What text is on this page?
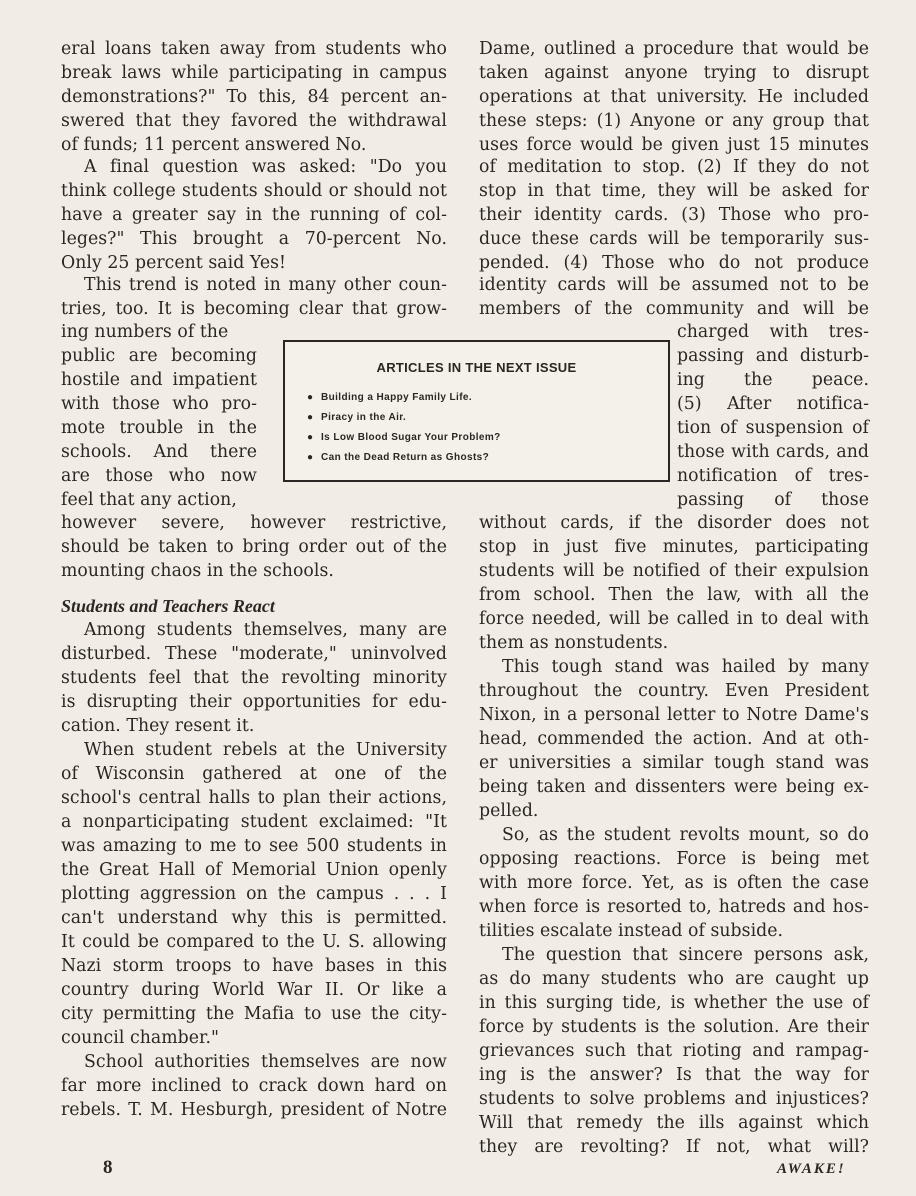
eral loans taken away from students who
break laws while participating in campus
demonstrations?" To this, 84 percent an-
swered that they favored the withdrawal
of funds; 11 percent answered No.
A final question was asked: "Do you
think college students should or should not
have a greater say in the running of col-
leges?" This brought a 70-percent No.
Only 25 percent said Yes!
This trend is noted in many other coun-
tries, too. It is becoming clear that grow-
ing numbers of the
public are becoming
hostile and impatient
with those who pro-
mote trouble in the
schools. And there
are those who now
feel that any action,
however severe, however restrictive,
should be taken to bring order out of the
mounting chaos in the schools.
Students and Teachers React
Among students themselves, many are
disturbed. These "moderate," uninvolved
students feel that the revolting minority
is disrupting their opportunities for edu-
cation. They resent it.
When student rebels at the University
of Wisconsin gathered at one of the
school's central halls to plan their actions,
a nonparticipating student exclaimed: "It
was amazing to me to see 500 students in
the Great Hall of Memorial Union openly
plotting aggression on the campus . . . I
can't understand why this is permitted.
It could be compared to the U. S. allowing
Nazi storm troops to have bases in this
country during World War II. Or like a
city permitting the Mafia to use the city-
council chamber."
School authorities themselves are now
far more inclined to crack down hard on
rebels. T. M. Hesburgh, president of Notre
Dame, outlined a procedure that would be
taken against anyone trying to disrupt
operations at that university. He included
these steps: (1) Anyone or any group that
uses force would be given just 15 minutes
of meditation to stop. (2) If they do not
stop in that time, they will be asked for
their identity cards. (3) Those who pro-
duce these cards will be temporarily sus-
pended. (4) Those who do not produce
identity cards will be assumed not to be
members of the community and will be
charged with tres-
passing and disturb-
ing the peace.
(5) After notifica-
tion of suspension of
those with cards, and
notification of tres-
passing of those
without cards, if the disorder does not
stop in just five minutes, participating
students will be notified of their expulsion
from school. Then the law, with all the
force needed, will be called in to deal with
them as nonstudents.
This tough stand was hailed by many
throughout the country. Even President
Nixon, in a personal letter to Notre Dame's
head, commended the action. And at oth-
er universities a similar tough stand was
being taken and dissenters were being ex-
pelled.
So, as the student revolts mount, so do
opposing reactions. Force is being met
with more force. Yet, as is often the case
when force is resorted to, hatreds and hos-
tilities escalate instead of subside.
The question that sincere persons ask,
as do many students who are caught up
in this surging tide, is whether the use of
force by students is the solution. Are their
grievances such that rioting and rampag-
ing is the answer? Is that the way for
students to solve problems and injustices?
Will that remedy the ills against which
they are revolting? If not, what will?
ARTICLES IN THE NEXT ISSUE
● Building a Happy Family Life.
● Piracy in the Air.
● Is Low Blood Sugar Your Problem?
● Can the Dead Return as Ghosts?
8	AWAKE!
